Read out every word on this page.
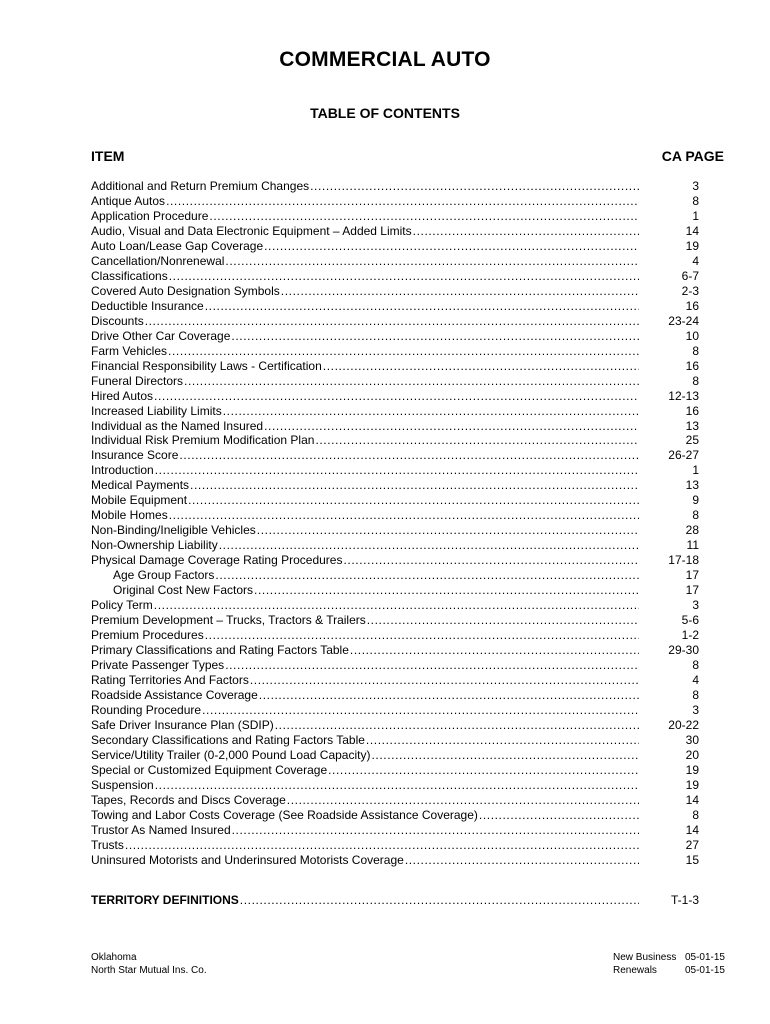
COMMERCIAL AUTO
TABLE OF CONTENTS
ITEM	CA PAGE
Additional and Return Premium Changes .....	3
Antique Autos .....	8
Application Procedure .....	1
Audio, Visual and Data Electronic Equipment – Added Limits .....	14
Auto Loan/Lease Gap Coverage .....	19
Cancellation/Nonrenewal .....	4
Classifications .....	6-7
Covered Auto Designation Symbols .....	2-3
Deductible Insurance .....	16
Discounts .....	23-24
Drive Other Car Coverage .....	10
Farm Vehicles .....	8
Financial Responsibility Laws - Certification .....	16
Funeral Directors .....	8
Hired Autos .....	12-13
Increased Liability Limits .....	16
Individual as the Named Insured .....	13
Individual Risk Premium Modification Plan .....	25
Insurance Score .....	26-27
Introduction .....	1
Medical Payments .....	13
Mobile Equipment .....	9
Mobile Homes .....	8
Non-Binding/Ineligible Vehicles .....	28
Non-Ownership Liability .....	11
Physical Damage Coverage Rating Procedures .....	17-18
Age Group Factors .....	17
Original Cost New Factors .....	17
Policy Term .....	3
Premium Development – Trucks, Tractors & Trailers .....	5-6
Premium Procedures .....	1-2
Primary Classifications and Rating Factors Table .....	29-30
Private Passenger Types .....	8
Rating Territories And Factors .....	4
Roadside Assistance Coverage .....	8
Rounding Procedure .....	3
Safe Driver Insurance Plan (SDIP) .....	20-22
Secondary Classifications and Rating Factors Table .....	30
Service/Utility Trailer (0-2,000 Pound Load Capacity) .....	20
Special or Customized Equipment Coverage .....	19
Suspension .....	19
Tapes, Records and Discs Coverage .....	14
Towing and Labor Costs Coverage (See Roadside Assistance Coverage) .....	8
Trustor As Named Insured .....	14
Trusts .....	27
Uninsured Motorists and Underinsured Motorists Coverage .....	15
TERRITORY DEFINITIONS .....	T-1-3
Oklahoma
North Star Mutual Ins. Co.
New Business 05-01-15
Renewals	05-01-15
